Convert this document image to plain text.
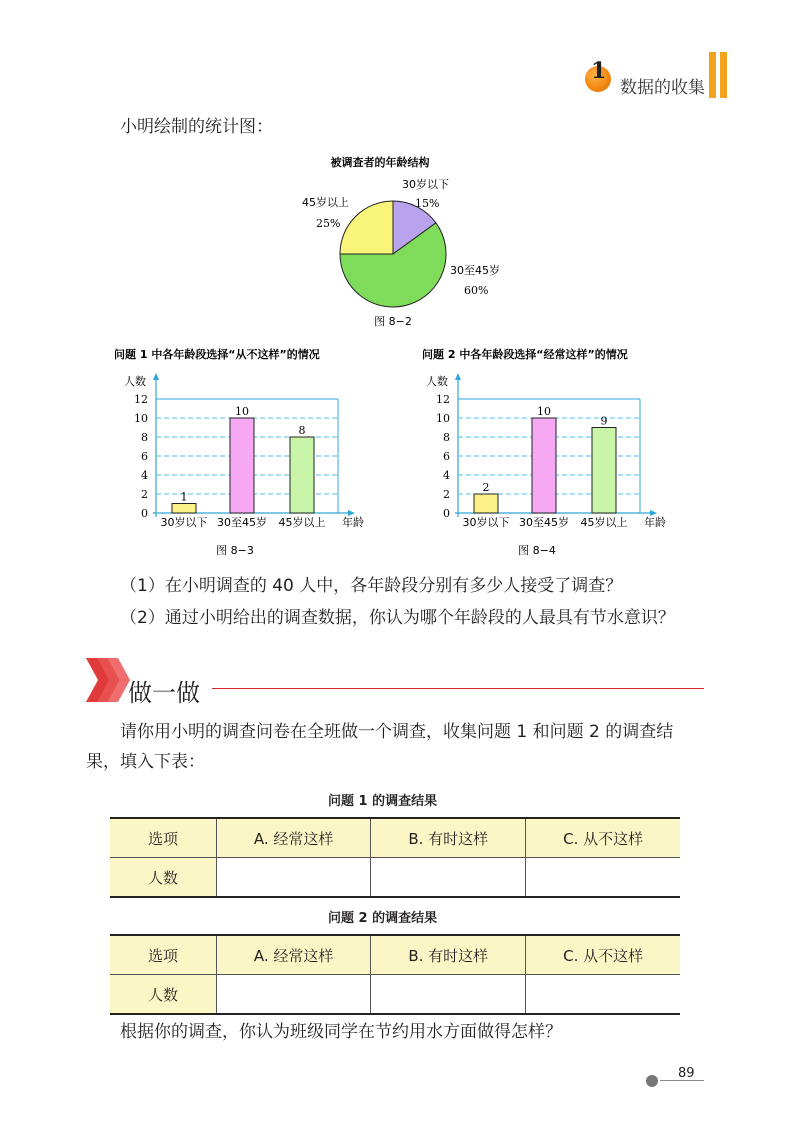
1
数据的收集
小明绘制的统计图：
被调查者的年龄结构
30岁以下
15%
30至45岁
60%
45岁以上
25%
图 8−2
问题 1 中各年龄段选择“从不这样”的情况
人数
0
2
4
6
8
10
12
1
30岁以下
10
30至45岁
8
45岁以上 年龄
图 8−3
问题 2 中各年龄段选择“经常这样”的情况
人数
0
2
4
6
8
10
12
2
30岁以下
10
30至45岁
9
45岁以上 年龄
图 8−4
（1）在小明调查的 40 人中，各年龄段分别有多少人接受了调查？
（2）通过小明给出的调查数据，你认为哪个年龄段的人最具有节水意识？
做一做
请你用小明的调查问卷在全班做一个调查，收集问题 1 和问题 2 的调查结
果，填入下表：
问题 1 的调查结果
选项	A. 经常这样	B. 有时这样	C. 从不这样
人数			
问题 2 的调查结果
选项	A. 经常这样	B. 有时这样	C. 从不这样
人数			
根据你的调查，你认为班级同学在节约用水方面做得怎样？
89
